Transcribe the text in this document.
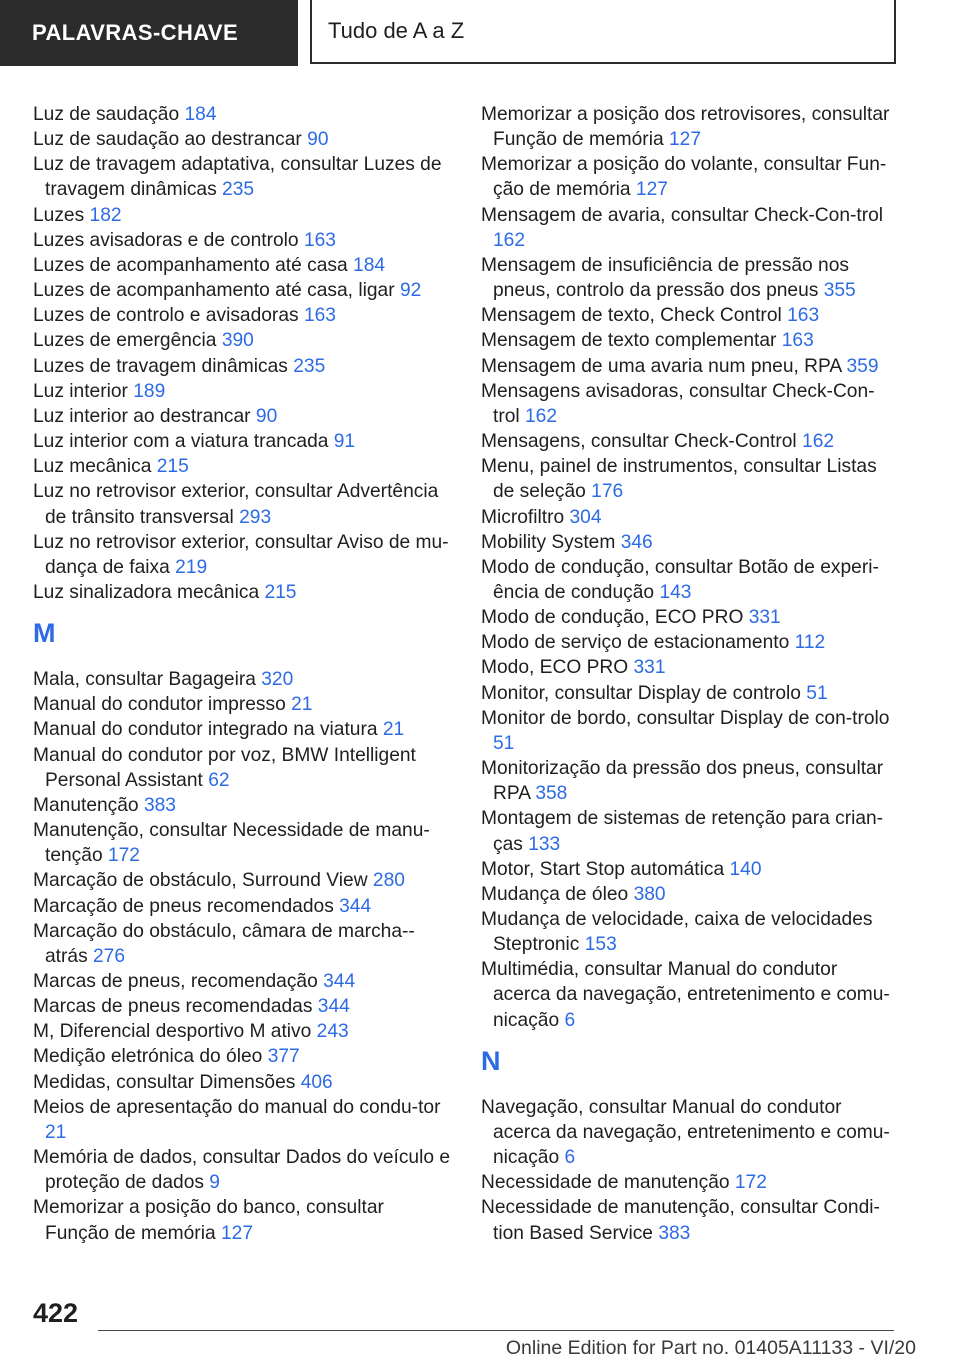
PALAVRAS-CHAVE	Tudo de A a Z
Luz de saudação 184
Luz de saudação ao destrancar 90
Luz de travagem adaptativa, consultar Luzes de travagem dinâmicas 235
Luzes 182
Luzes avisadoras e de controlo 163
Luzes de acompanhamento até casa 184
Luzes de acompanhamento até casa, ligar 92
Luzes de controlo e avisadoras 163
Luzes de emergência 390
Luzes de travagem dinâmicas 235
Luz interior 189
Luz interior ao destrancar 90
Luz interior com a viatura trancada 91
Luz mecânica 215
Luz no retrovisor exterior, consultar Advertência de trânsito transversal 293
Luz no retrovisor exterior, consultar Aviso de mu-dança de faixa 219
Luz sinalizadora mecânica 215
M
Mala, consultar Bagageira 320
Manual do condutor impresso 21
Manual do condutor integrado na viatura 21
Manual do condutor por voz, BMW Intelligent Personal Assistant 62
Manutenção 383
Manutenção, consultar Necessidade de manu-tenção 172
Marcação de obstáculo, Surround View 280
Marcação de pneus recomendados 344
Marcação do obstáculo, câmara de marcha--atrás 276
Marcas de pneus, recomendação 344
Marcas de pneus recomendadas 344
M, Diferencial desportivo M ativo 243
Medição eletrónica do óleo 377
Medidas, consultar Dimensões 406
Meios de apresentação do manual do condu-tor 21
Memória de dados, consultar Dados do veículo e proteção de dados 9
Memorizar a posição do banco, consultar Função de memória 127
Memorizar a posição dos retrovisores, consultar Função de memória 127
Memorizar a posição do volante, consultar Fun-ção de memória 127
Mensagem de avaria, consultar Check-Con-trol 162
Mensagem de insuficiência de pressão nos pneus, controlo da pressão dos pneus 355
Mensagem de texto, Check Control 163
Mensagem de texto complementar 163
Mensagem de uma avaria num pneu, RPA 359
Mensagens avisadoras, consultar Check-Con-trol 162
Mensagens, consultar Check-Control 162
Menu, painel de instrumentos, consultar Listas de seleção 176
Microfiltro 304
Mobility System 346
Modo de condução, consultar Botão de experi-ência de condução 143
Modo de condução, ECO PRO 331
Modo de serviço de estacionamento 112
Modo, ECO PRO 331
Monitor, consultar Display de controlo 51
Monitor de bordo, consultar Display de con-trolo 51
Monitorização da pressão dos pneus, consultar RPA 358
Montagem de sistemas de retenção para crian-ças 133
Motor, Start Stop automática 140
Mudança de óleo 380
Mudança de velocidade, caixa de velocidades Steptronic 153
Multimédia, consultar Manual do condutor acerca da navegação, entretenimento e comu-nicação 6
N
Navegação, consultar Manual do condutor acerca da navegação, entretenimento e comu-nicação 6
Necessidade de manutenção 172
Necessidade de manutenção, consultar Condi-tion Based Service 383
422
Online Edition for Part no. 01405A11133 - VI/20
